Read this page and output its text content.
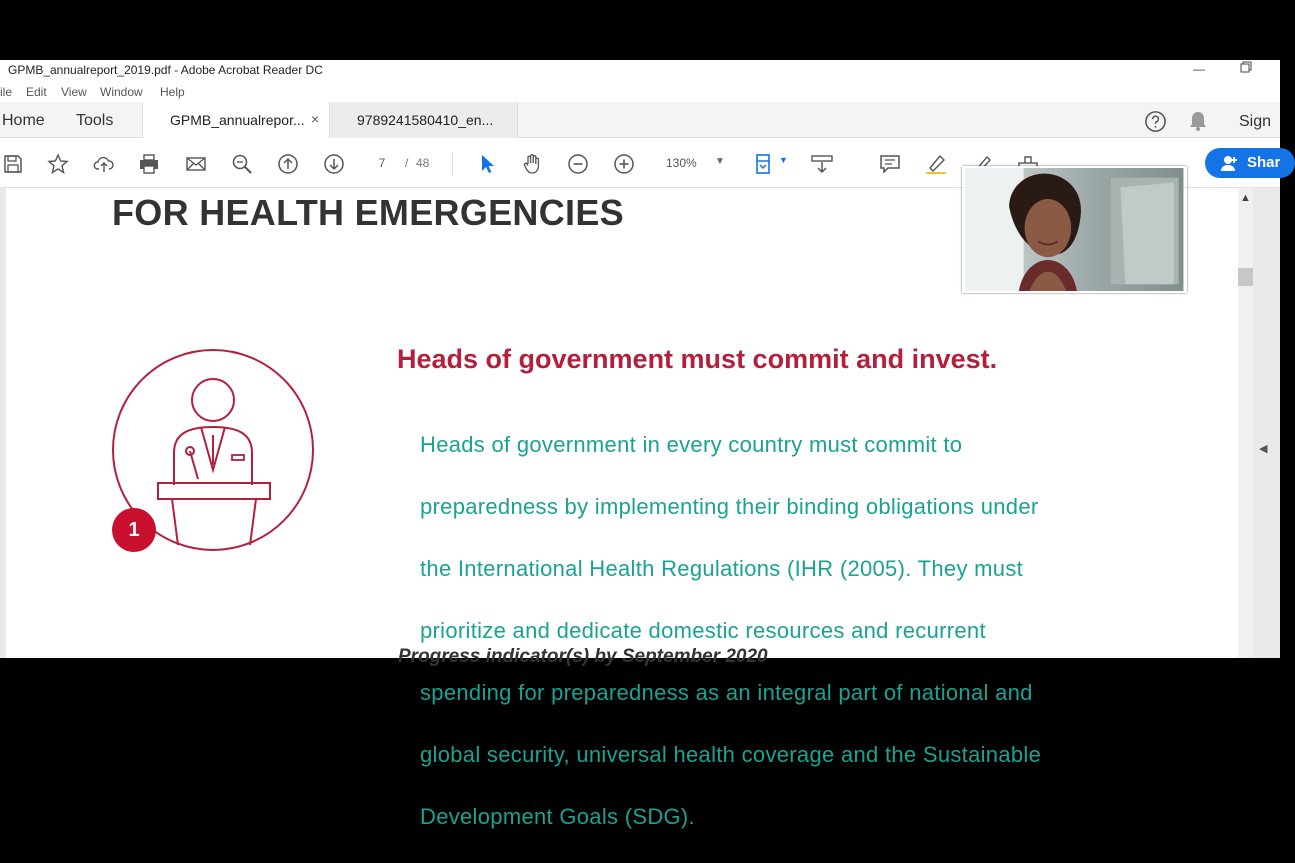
GPMB_annualreport_2019.pdf - Adobe Acrobat Reader DC	—
ile Edit View Window Help
Home Tools	GPMB_annualrepor... ×	9789241580410_en...	Sign
7	/ 48	130% ▼	▼	Shar
FOR HEALTH EMERGENCIES
1
Heads of government must commit and invest.

Heads of government in every country must commit to

preparedness by implementing their binding obligations under

the International Health Regulations (IHR (2005). They must

prioritize and dedicate domestic resources and recurrent

spending for preparedness as an integral part of national and

global security, universal health coverage and the Sustainable

Development Goals (SDG).

Progress indicator(s) by September 2020
▲
◀
